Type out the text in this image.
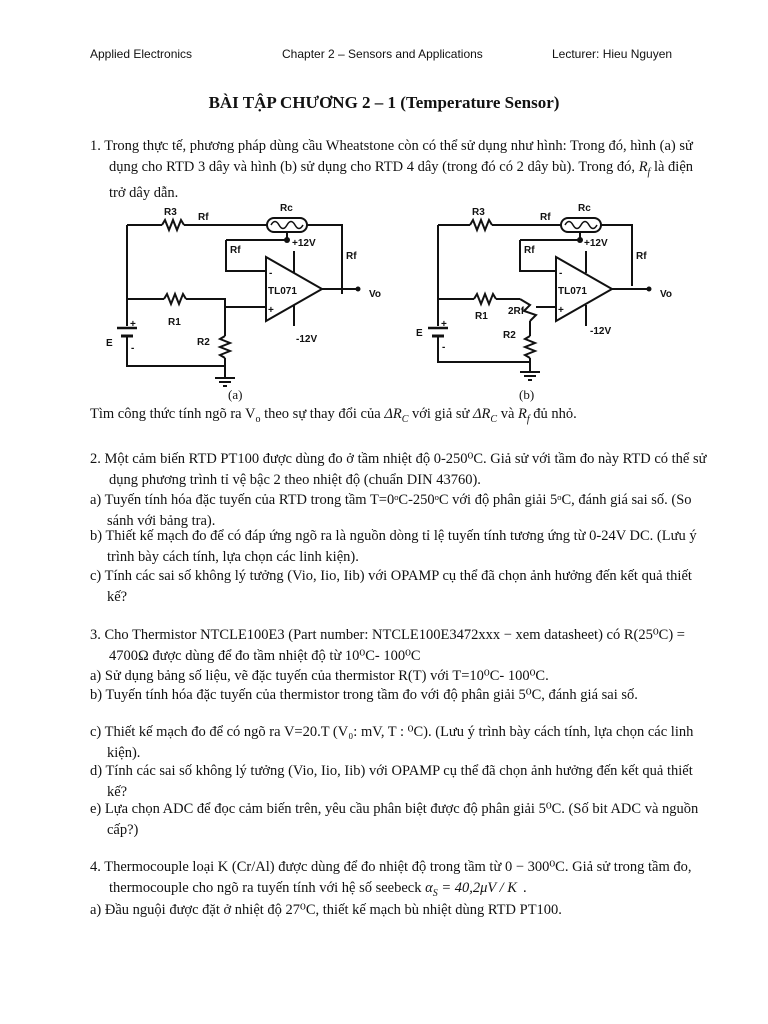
Applied Electronics	Chapter 2 – Sensors and Applications	Lecturer: Hieu Nguyen
BÀI TẬP CHƯƠNG 2 – 1 (Temperature Sensor)
1. Trong thực tế, phương pháp dùng cầu Wheatstone còn có thể sử dụng như hình: Trong đó, hình (a) sử dụng cho RTD 3 dây và hình (b) sử dụng cho RTD 4 dây (trong đó có 2 dây bù). Trong đó, $R_f$ là điện trở dây dẫn.
R3 Rf
Rc
+12V
Rf
Rf
-
+
TL071	Vo
R1
R2	-12V
E
+
-
(a)
R3	Rf
Rc
+12V
Rf
Rf
-
+
TL071	Vo
R1 2Rf
R2	-12V
E
+
-
(b)
Tìm công thức tính ngõ ra $V_o$ theo sự thay đổi của $\Delta R_C$ với giả sử $\Delta R_C$ và $R_f$ đủ nhỏ.
2. Một cảm biến RTD PT100 được dùng đo ở tầm nhiệt độ 0-250⁰C. Giả sử với tầm đo này RTD có thể sử dụng phương trình tỉ vệ bậc 2 theo nhiệt độ (chuẩn DIN 43760).
a) Tuyến tính hóa đặc tuyến của RTD trong tầm T=0ᵒC-250ᵒC với độ phân giải 5ᵒC, đánh giá sai số. (So sánh với bảng tra).
b) Thiết kế mạch đo để có đáp ứng ngõ ra là nguồn dòng tỉ lệ tuyến tính tương ứng từ 0-24V DC. (Lưu ý trình bày cách tính, lựa chọn các linh kiện).
c) Tính các sai số không lý tưởng (Vio, Iio, Iib) với OPAMP cụ thể đã chọn ảnh hưởng đến kết quả thiết kế?
3. Cho Thermistor NTCLE100E3 (Part number: NTCLE100E3472xxx − xem datasheet) có R(25⁰C) = 4700Ω được dùng để đo tầm nhiệt độ từ 10⁰C- 100⁰C
a) Sử dụng bảng số liệu, vẽ đặc tuyến của thermistor R(T) với T=10⁰C- 100⁰C.
b) Tuyến tính hóa đặc tuyến của thermistor trong tầm đo với độ phân giải 5⁰C, đánh giá sai số.
c) Thiết kế mạch đo để có ngõ ra V=20.T (V₀: mV, T : ⁰C). (Lưu ý trình bày cách tính, lựa chọn các linh kiện).
d) Tính các sai số không lý tưởng (Vio, Iio, Iib) với OPAMP cụ thể đã chọn ảnh hưởng đến kết quả thiết kế?
e) Lựa chọn ADC để đọc cảm biến trên, yêu cầu phân biệt được độ phân giải 5⁰C. (Số bit ADC và nguồn cấp?)
4. Thermocouple loại K (Cr/Al) được dùng để đo nhiệt độ trong tầm từ 0 − 300⁰C. Giả sử trong tầm đo, thermocouple cho ngõ ra tuyến tính với hệ số seebeck $\alpha_S = 40,2\mu V / K$ .
a) Đầu nguội được đặt ở nhiệt độ 27⁰C, thiết kế mạch bù nhiệt dùng RTD PT100.
